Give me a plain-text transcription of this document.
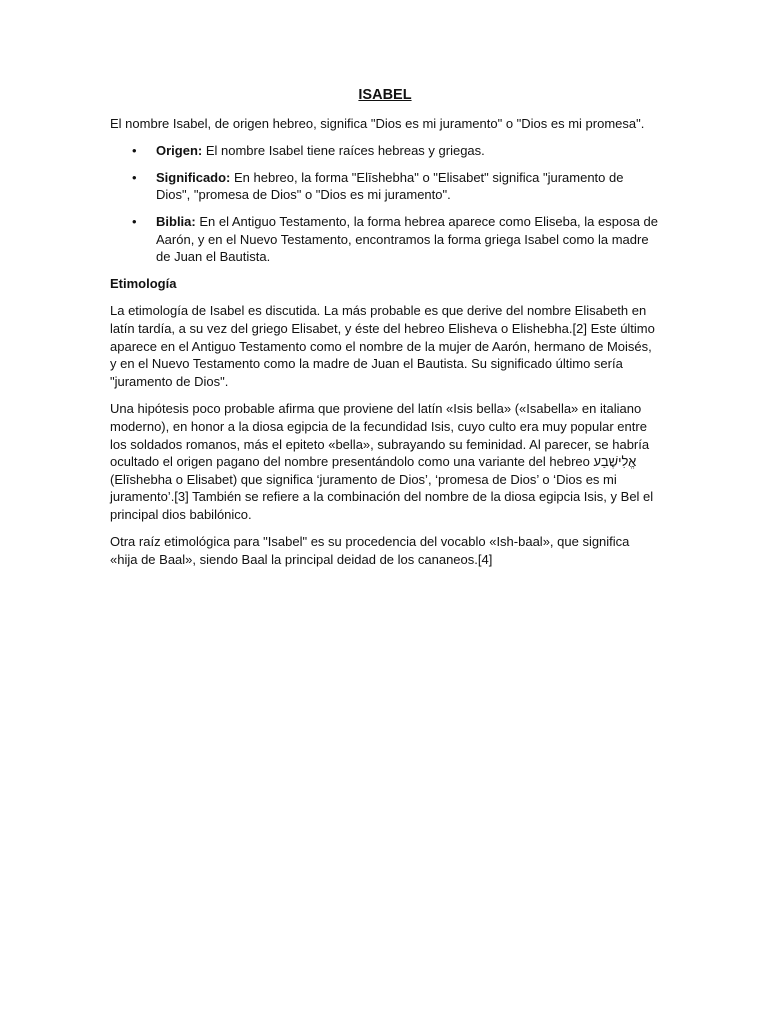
ISABEL

El nombre Isabel, de origen hebreo, significa "Dios es mi juramento" o "Dios es mi promesa".

• Origen: El nombre Isabel tiene raíces hebreas y griegas.
• Significado: En hebreo, la forma "Elīshebha" o "Elisabet" significa "juramento de Dios", "promesa de Dios" o "Dios es mi juramento".
• Biblia: En el Antiguo Testamento, la forma hebrea aparece como Eliseba, la esposa de Aarón, y en el Nuevo Testamento, encontramos la forma griega Isabel como la madre de Juan el Bautista.
Etimología

La etimología de Isabel es discutida. La más probable es que derive del nombre Elisabeth en latín tardía, a su vez del griego Elisabet, y éste del hebreo Elisheva o Elishebha.[2] Este último aparece en el Antiguo Testamento como el nombre de la mujer de Aarón, hermano de Moisés, y en el Nuevo Testamento como la madre de Juan el Bautista. Su significado último sería "juramento de Dios".

Una hipótesis poco probable afirma que proviene del latín «Isis bella» («Isabella» en italiano moderno), en honor a la diosa egipcia de la fecundidad Isis, cuyo culto era muy popular entre los soldados romanos, más el epiteto «bella», subrayando su feminidad. Al parecer, se habría ocultado el origen pagano del nombre presentándolo como una variante del hebreo אֱלִישֶׁבַע (Elīshebha o Elisabet) que significa ‘juramento de Dios’, ‘promesa de Dios’ o ‘Dios es mi juramento’.[3] También se refiere a la combinación del nombre de la diosa egipcia Isis, y Bel el principal dios babilónico.

Otra raíz etimológica para "Isabel" es su procedencia del vocablo «Ish-baal», que significa «hija de Baal», siendo Baal la principal deidad de los cananeos.[4]
